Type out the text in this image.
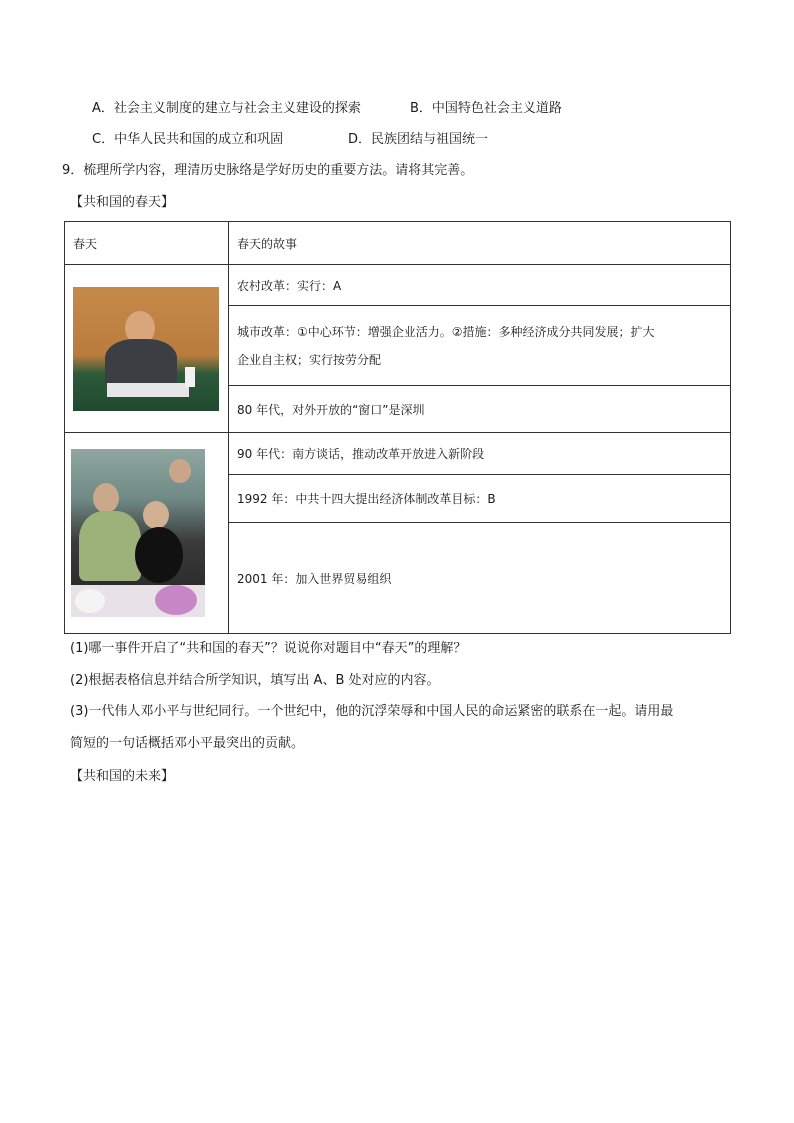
A．社会主义制度的建立与社会主义建设的探索	B．中国特色社会主义道路
C．中华人民共和国的成立和巩固	D．民族团结与祖国统一
9．梳理所学内容，理清历史脉络是学好历史的重要方法。请将其完善。
【共和国的春天】
春天	春天的故事

	农村改革：实行：A

	城市改革：①中心环节：增强企业活力。②措施：多种经济成分共同发展；扩大
企业自主权；实行按劳分配

	80 年代，对外开放的“窗口”是深圳

	90 年代：南方谈话，推动改革开放进入新阶段
	1992 年：中共十四大提出经济体制改革目标：B
	2001 年：加入世界贸易组织
(1)哪一事件开启了“共和国的春天”？说说你对题目中“春天”的理解？
(2)根据表格信息并结合所学知识，填写出 A、B 处对应的内容。
(3)一代伟人邓小平与世纪同行。一个世纪中，他的沉浮荣辱和中国人民的命运紧密的联系在一起。请用最
简短的一句话概括邓小平最突出的贡献。
【共和国的未来】
